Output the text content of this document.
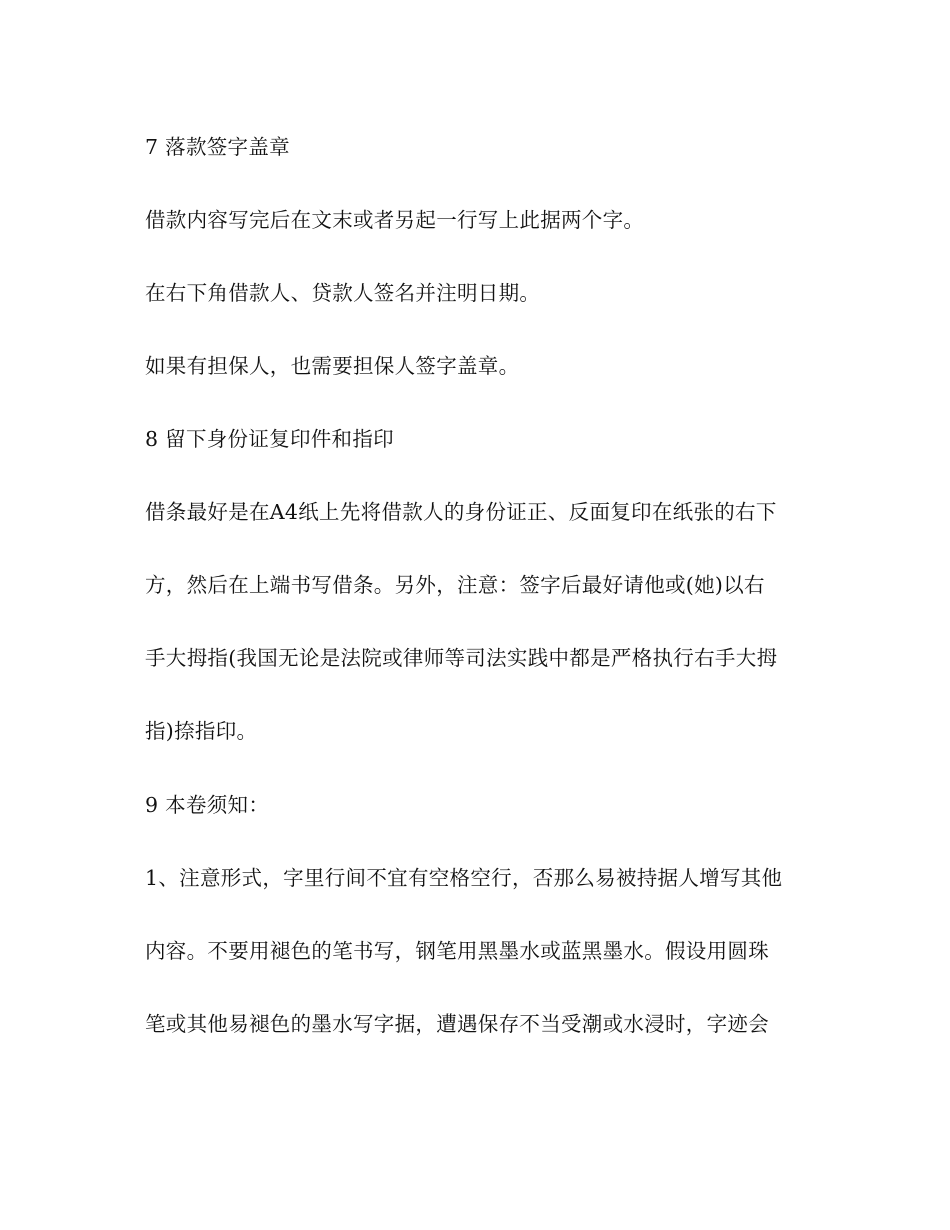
7 落款签字盖章

借款内容写完后在文末或者另起一行写上此据两个字。

在右下角借款人、贷款人签名并注明日期。

如果有担保人，也需要担保人签字盖章。

8 留下身份证复印件和指印

借条最好是在A4纸上先将借款人的身份证正、反面复印在纸张的右下
方，然后在上端书写借条。另外，注意：签字后最好请他或(她)以右
手大拇指(我国无论是法院或律师等司法实践中都是严格执行右手大拇
指)捺指印。

9 本卷须知：

1、注意形式，字里行间不宜有空格空行，否那么易被持据人增写其他
内容。不要用褪色的笔书写，钢笔用黑墨水或蓝黑墨水。假设用圆珠
笔或其他易褪色的墨水写字据，遭遇保存不当受潮或水浸时，字迹会
